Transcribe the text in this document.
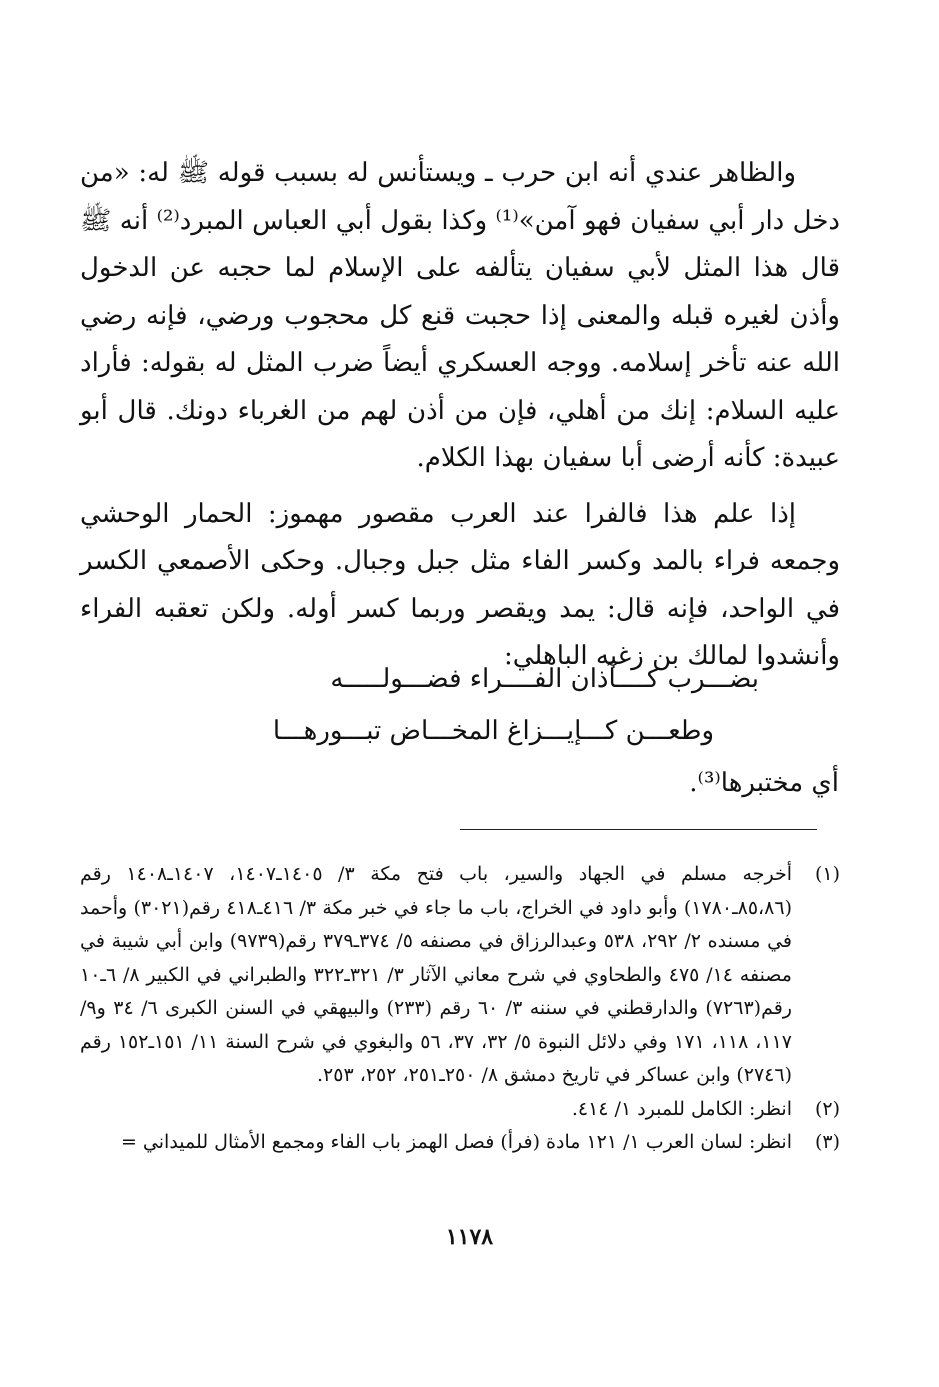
والظاهر عندي أنه ابن حرب ـ ويستأنس له بسبب قوله ﷺ له: «من دخل دار أبي سفيان فهو آمن»⁽¹⁾ وكذا بقول أبي العباس المبرد⁽²⁾ أنه ﷺ قال هذا المثل لأبي سفيان يتألفه على الإسلام لما حجبه عن الدخول وأذن لغيره قبله والمعنى إذا حجبت قنع كل محجوب ورضي، فإنه رضي الله عنه تأخر إسلامه. ووجه العسكري أيضاً ضرب المثل له بقوله: فأراد عليه السلام: إنك من أهلي، فإن من أذن لهم من الغرباء دونك. قال أبو عبيدة: كأنه أرضى أبا سفيان بهذا الكلام.

إذا علم هذا فالفرا عند العرب مقصور مهموز: الحمار الوحشي وجمعه فراء بالمد وكسر الفاء مثل جبل وجبال. وحكى الأصمعي الكسر في الواحد، فإنه قال: يمد ويقصر وربما كسر أوله. ولكن تعقبه الفراء وأنشدوا لمالك بن زغبه الباهلي:

بضـــرب كــــآذان الفــــراء فضـــولـــــه
وطعـــن كـــإيـــزاغ المخـــاض تبـــورهـــا
أي مختبرها⁽³⁾.
(١)
أخرجه مسلم في الجهاد والسير، باب فتح مكة ٣/ ١٤٠٥ـ١٤٠٧، ١٤٠٧ـ١٤٠٨ رقم (٨٥،٨٦ـ١٧٨٠) وأبو داود في الخراج، باب ما جاء في خبر مكة ٣/ ٤١٦ـ٤١٨ رقم(٣٠٢١) وأحمد في مسنده ٢/ ٢٩٢، ٥٣٨ وعبدالرزاق في مصنفه ٥/ ٣٧٤ـ٣٧٩ رقم(٩٧٣٩) وابن أبي شيبة في مصنفه ١٤/ ٤٧٥ والطحاوي في شرح معاني الآثار ٣/ ٣٢١ـ٣٢٢ والطبراني في الكبير ٨/ ٦ـ١٠ رقم(٧٢٦٣) والدارقطني في سننه ٣/ ٦٠ رقم (٢٣٣) والبيهقي في السنن الكبرى ٦/ ٣٤ و٩/ ١١٧، ١١٨، ١٧١ وفي دلائل النبوة ٥/ ٣٢، ٣٧، ٥٦ والبغوي في شرح السنة ١١/ ١٥١ـ١٥٢ رقم (٢٧٤٦) وابن عساكر في تاريخ دمشق ٨/ ٢٥٠ـ٢٥١، ٢٥٢، ٢٥٣.
(٢)
انظر: الكامل للمبرد ١/ ٤١٤.
(٣)
انظر: لسان العرب ١/ ١٢١ مادة (فرأ) فصل الهمز باب الفاء ومجمع الأمثال للميداني =
١١٧٨
